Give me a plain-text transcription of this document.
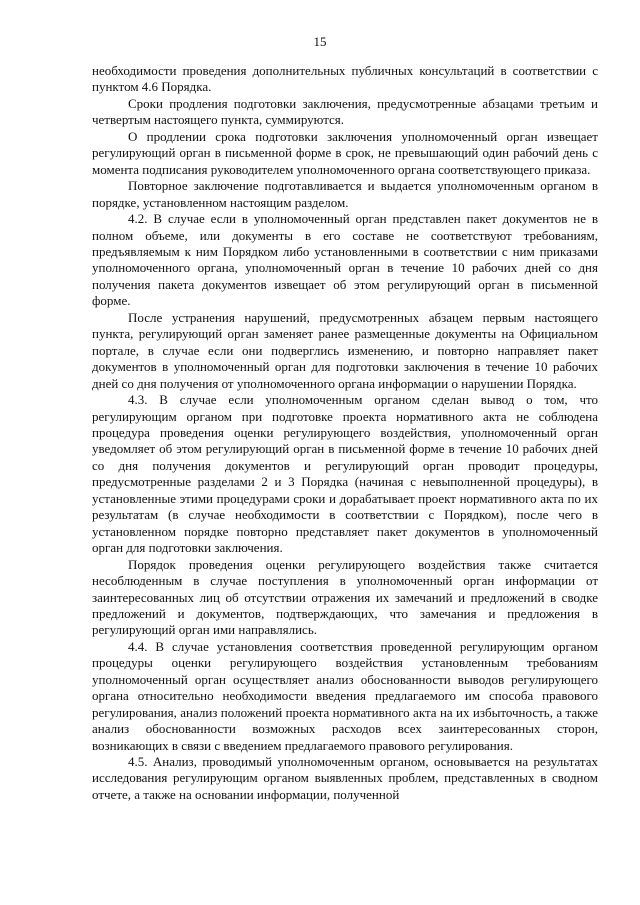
15

необходимости проведения дополнительных публичных консультаций в соответствии с пунктом 4.6 Порядка.

Сроки продления подготовки заключения, предусмотренные абзацами третьим и четвертым настоящего пункта, суммируются.

О продлении срока подготовки заключения уполномоченный орган извещает регулирующий орган в письменной форме в срок, не превышающий один рабочий день с момента подписания руководителем уполномоченного органа соответствующего приказа.

Повторное заключение подготавливается и выдается уполномоченным органом в порядке, установленном настоящим разделом.

4.2. В случае если в уполномоченный орган представлен пакет документов не в полном объеме, или документы в его составе не соответствуют требованиям, предъявляемым к ним Порядком либо установленными в соответствии с ним приказами уполномоченного органа, уполномоченный орган в течение 10 рабочих дней со дня получения пакета документов извещает об этом регулирующий орган в письменной форме.

После устранения нарушений, предусмотренных абзацем первым настоящего пункта, регулирующий орган заменяет ранее размещенные документы на Официальном портале, в случае если они подверглись изменению, и повторно направляет пакет документов в уполномоченный орган для подготовки заключения в течение 10 рабочих дней со дня получения от уполномоченного органа информации о нарушении Порядка.

4.3. В случае если уполномоченным органом сделан вывод о том, что регулирующим органом при подготовке проекта нормативного акта не соблюдена процедура проведения оценки регулирующего воздействия, уполномоченный орган уведомляет об этом регулирующий орган в письменной форме в течение 10 рабочих дней со дня получения документов и регулирующий орган проводит процедуры, предусмотренные разделами 2 и 3 Порядка (начиная с невыполненной процедуры), в установленные этими процедурами сроки и дорабатывает проект нормативного акта по их результатам (в случае необходимости в соответствии с Порядком), после чего в установленном порядке повторно представляет пакет документов в уполномоченный орган для подготовки заключения.

Порядок проведения оценки регулирующего воздействия также считается несоблюденным в случае поступления в уполномоченный орган информации от заинтересованных лиц об отсутствии отражения их замечаний и предложений в сводке предложений и документов, подтверждающих, что замечания и предложения в регулирующий орган ими направлялись.

4.4. В случае установления соответствия проведенной регулирующим органом процедуры оценки регулирующего воздействия установленным требованиям уполномоченный орган осуществляет анализ обоснованности выводов регулирующего органа относительно необходимости введения предлагаемого им способа правового регулирования, анализ положений проекта нормативного акта на их избыточность, а также анализ обоснованности возможных расходов всех заинтересованных сторон, возникающих в связи с введением предлагаемого правового регулирования.

4.5. Анализ, проводимый уполномоченным органом, основывается на результатах исследования регулирующим органом выявленных проблем, представленных в сводном отчете, а также на основании информации, полученной
